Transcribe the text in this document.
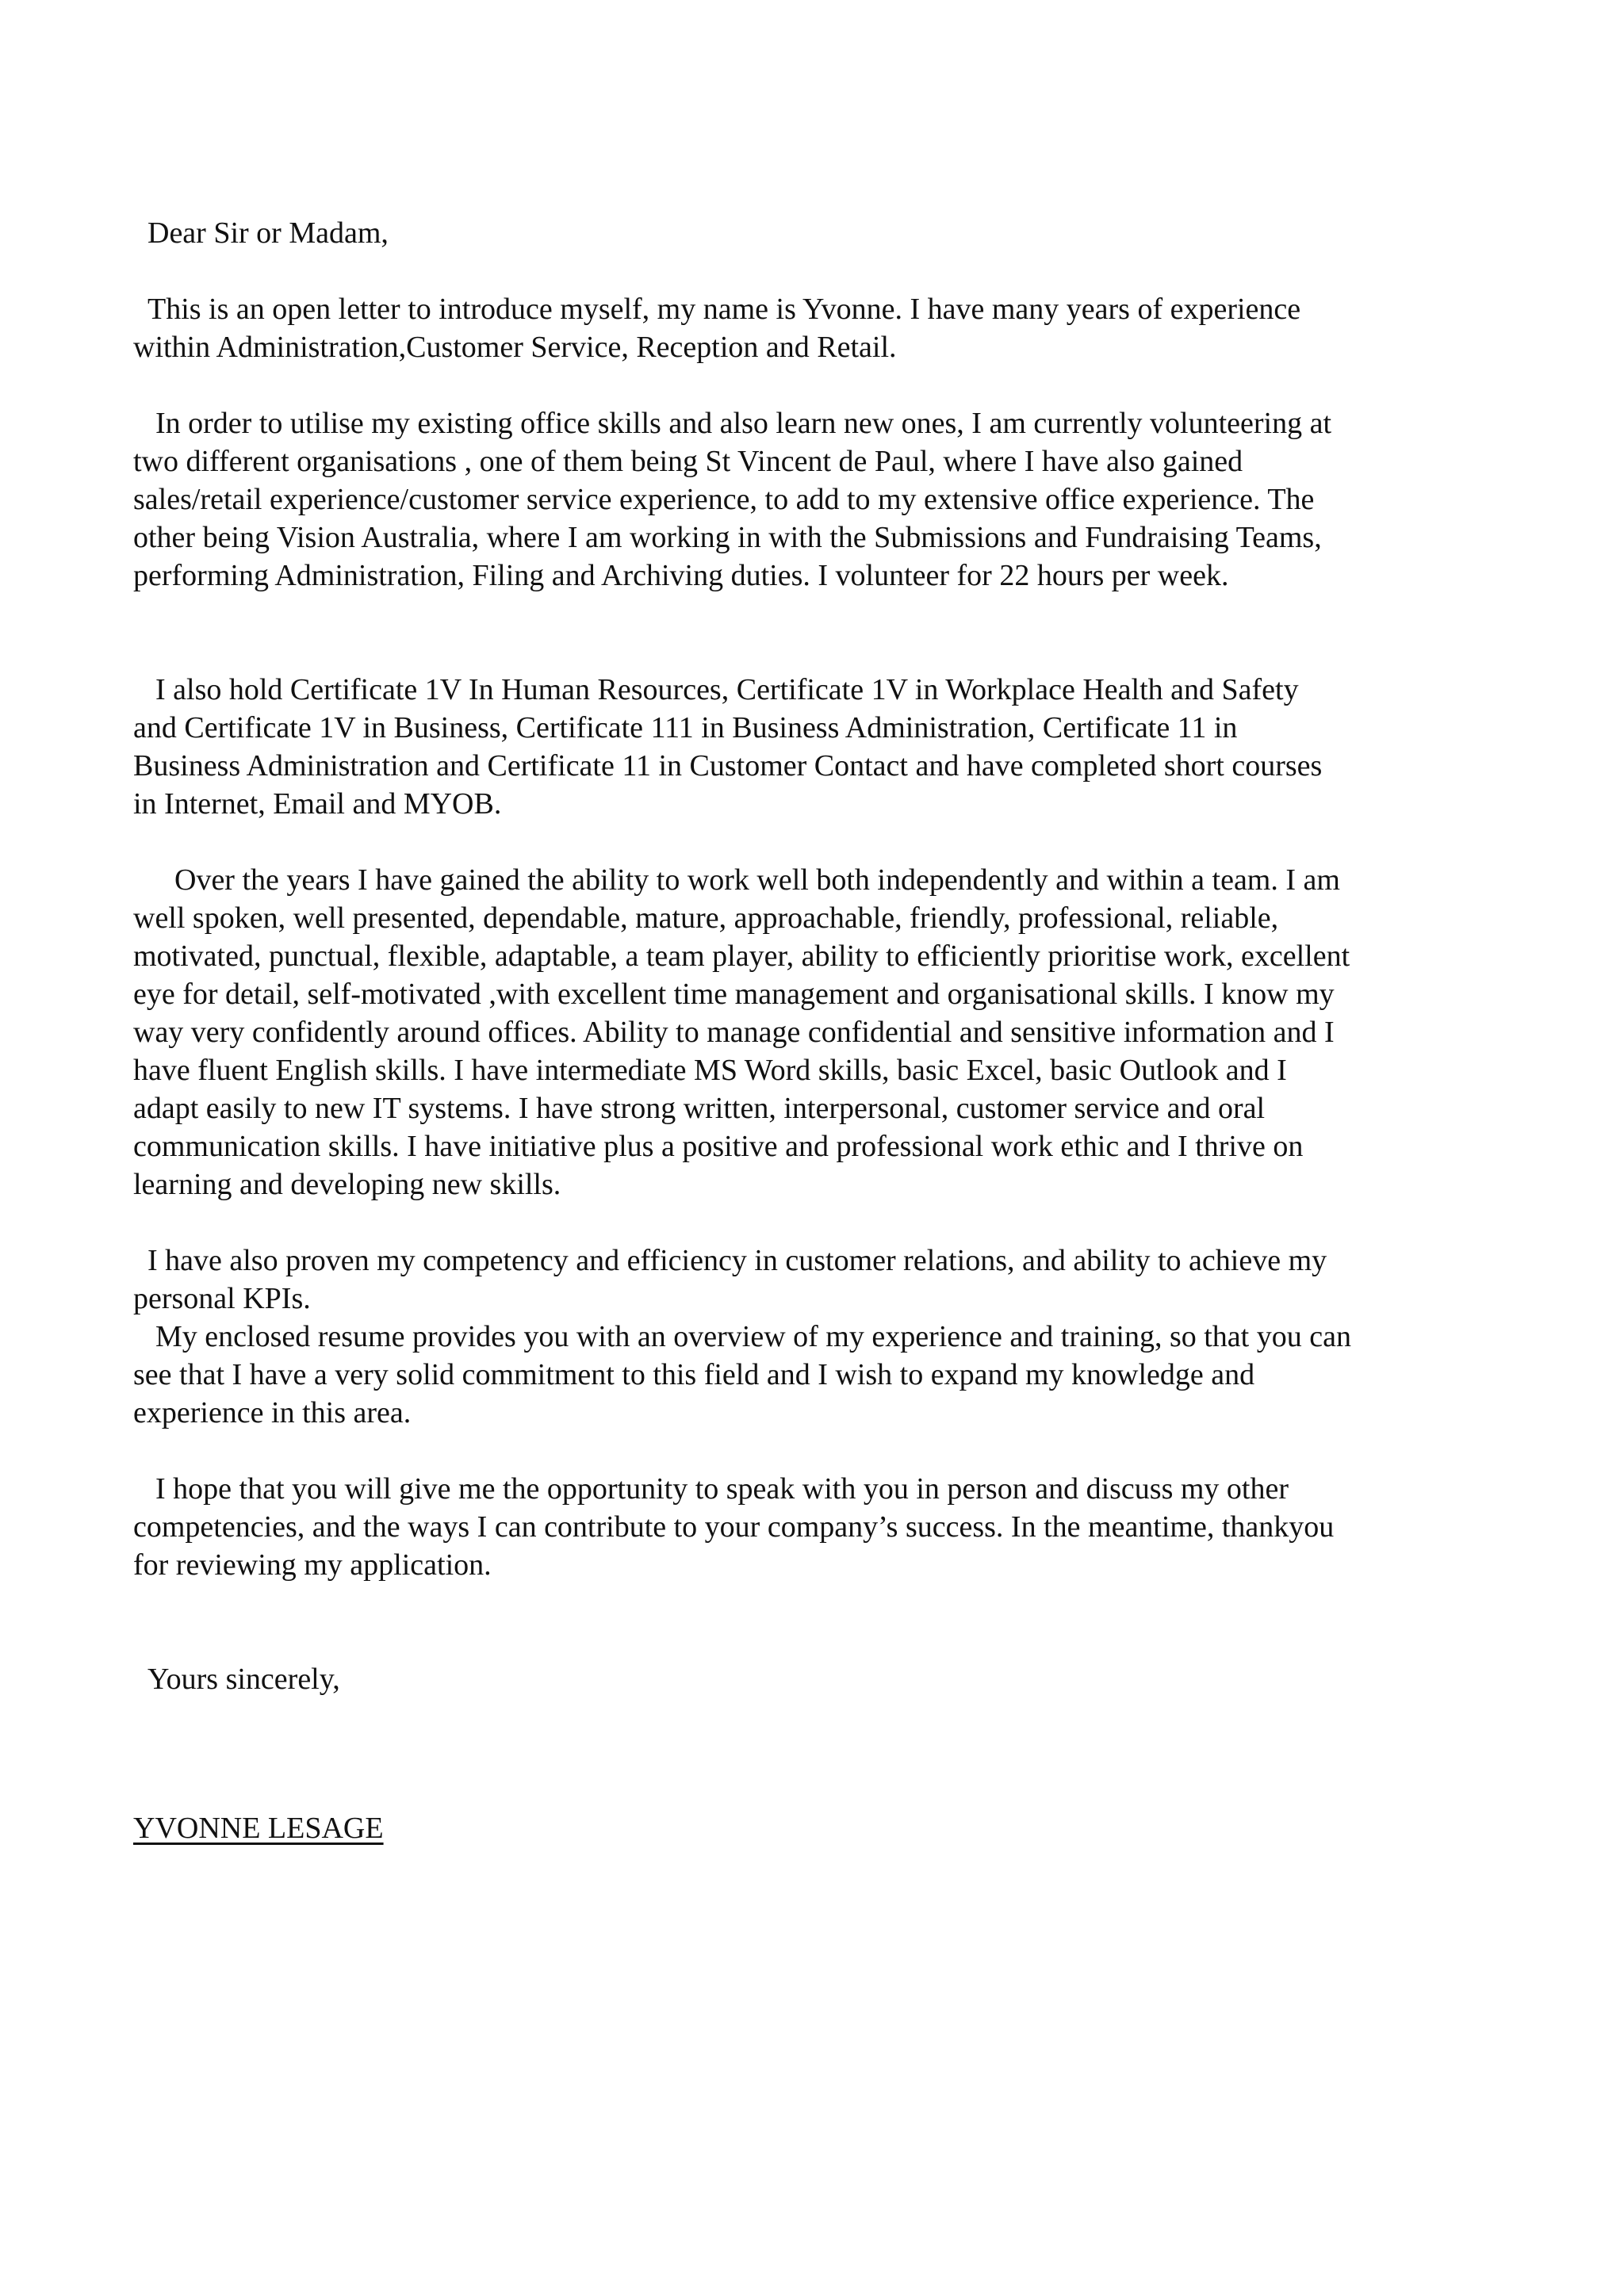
Dear Sir or Madam,

This is an open letter to introduce myself, my name is Yvonne. I have many years of experience
within Administration,Customer Service, Reception and Retail.

In order to utilise my existing office skills and also learn new ones, I am currently volunteering at
two different organisations , one of them being St Vincent de Paul, where I have also gained
sales/retail experience/customer service experience, to add to my extensive office experience. The
other being Vision Australia, where I am working in with the Submissions and Fundraising Teams,
performing Administration, Filing and Archiving duties. I volunteer for 22 hours per week.

I also hold Certificate 1V In Human Resources, Certificate 1V in Workplace Health and Safety
and Certificate 1V in Business, Certificate 111 in Business Administration, Certificate 11 in
Business Administration and Certificate 11 in Customer Contact and have completed short courses
in Internet, Email and MYOB.

Over the years I have gained the ability to work well both independently and within a team. I am
well spoken, well presented, dependable, mature, approachable, friendly, professional, reliable,
motivated, punctual, flexible, adaptable, a team player, ability to efficiently prioritise work, excellent
eye for detail, self-motivated ,with excellent time management and organisational skills. I know my
way very confidently around offices. Ability to manage confidential and sensitive information and I
have fluent English skills. I have intermediate MS Word skills, basic Excel, basic Outlook and I
adapt easily to new IT systems. I have strong written, interpersonal, customer service and oral
communication skills. I have initiative plus a positive and professional work ethic and I thrive on
learning and developing new skills.

I have also proven my competency and efficiency in customer relations, and ability to achieve my
personal KPIs.

My enclosed resume provides you with an overview of my experience and training, so that you can
see that I have a very solid commitment to this field and I wish to expand my knowledge and
experience in this area.

I hope that you will give me the opportunity to speak with you in person and discuss my other
competencies, and the ways I can contribute to your company’s success. In the meantime, thankyou
for reviewing my application.

Yours sincerely,

YVONNE LESAGE
